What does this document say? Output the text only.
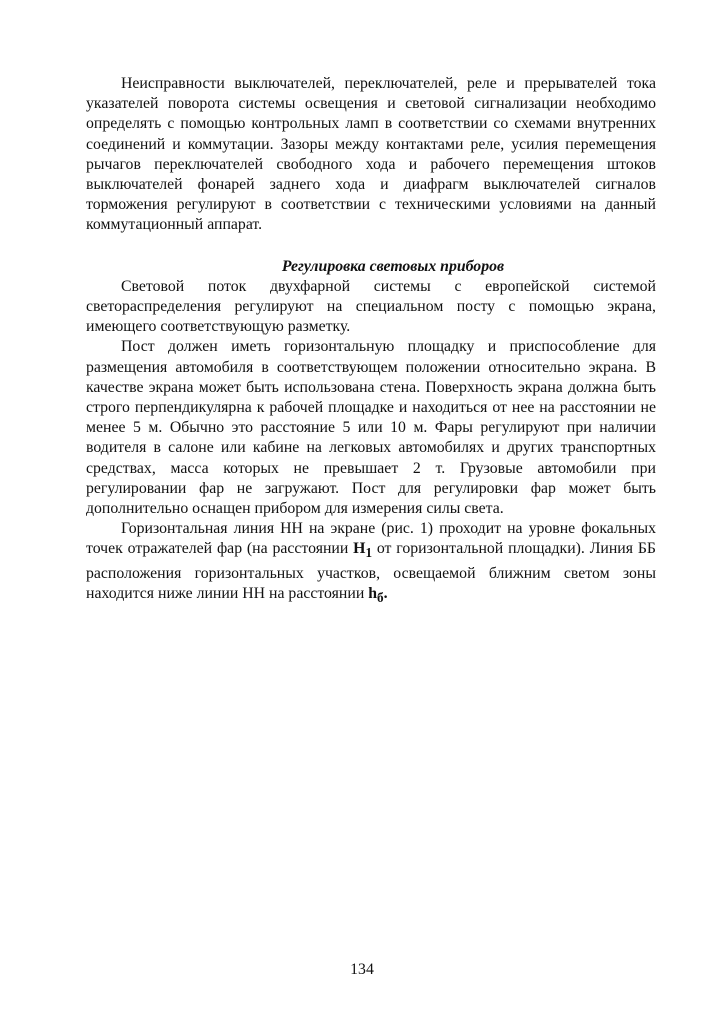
Неисправности выключателей, переключателей, реле и прерывателей тока указателей поворота системы освещения и световой сигнализации необходимо определять с помощью контрольных ламп в соответствии со схемами внутренних соединений и коммутации. Зазоры между контактами реле, усилия перемещения рычагов переключателей свободного хода и рабочего перемещения штоков выключателей фонарей заднего хода и диафрагм выключателей сигналов торможения регулируют в соответствии с техническими условиями на данный коммутационный аппарат.

Регулировка световых приборов

Световой поток двухфарной системы с европейской системой светораспределения регулируют на специальном посту с помощью экрана, имеющего соответствующую разметку.

Пост должен иметь горизонтальную площадку и приспособление для размещения автомобиля в соответствующем положении относительно экрана. В качестве экрана может быть использована стена. Поверхность экрана должна быть строго перпендикулярна к рабочей площадке и находиться от нее на расстоянии не менее 5 м. Обычно это расстояние 5 или 10 м. Фары регулируют при наличии водителя в салоне или кабине на легковых автомобилях и других транспортных средствах, масса которых не превышает 2 т. Грузовые автомобили при регулировании фар не загружают. Пост для регулировки фар может быть дополнительно оснащен прибором для измерения силы света.

Горизонтальная линия НН на экране (рис. 1) проходит на уровне фокальных точек отражателей фар (на расстоянии $H_1$ от горизонтальной площадки). Линия ББ расположения горизонтальных участков, освещаемой ближним светом зоны находится ниже линии НН на расстоянии $h_б$.

134
